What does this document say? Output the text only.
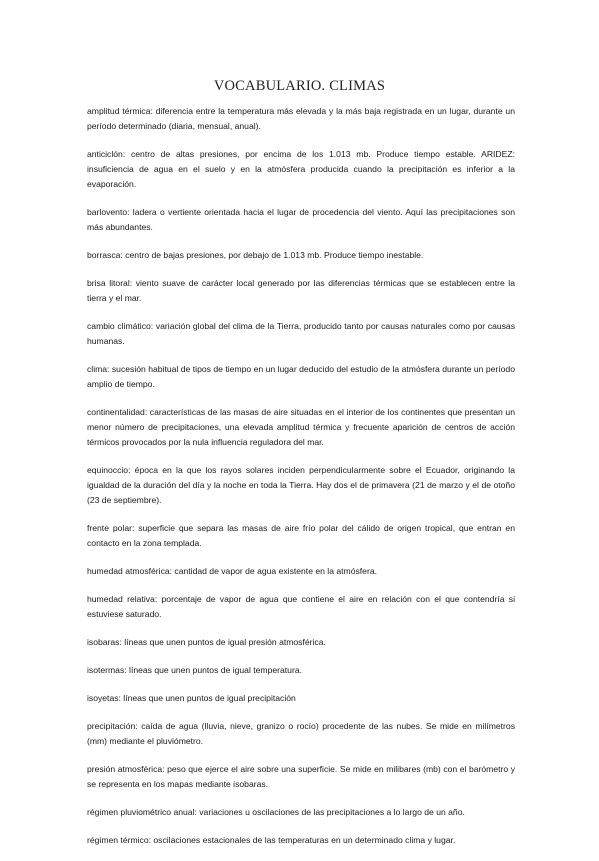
VOCABULARIO. CLIMAS

amplitud térmica: diferencia entre la temperatura más elevada y la más baja registrada en un lugar, durante un período determinado (diaria, mensual, anual).

anticiclón: centro de altas presiones, por encima de los 1.013 mb. Produce tiempo estable. ARIDEZ: insuficiencia de agua en el suelo y en la atmósfera producida cuando la precipitación es inferior a la evaporación.

barlovento: ladera o vertiente orientada hacia el lugar de procedencia del viento. Aquí las precipitaciones son más abundantes.

borrasca: centro de bajas presiones, por debajo de 1.013 mb. Produce tiempo inestable.

brisa litoral: viento suave de carácter local generado por las diferencias térmicas que se establecen entre la tierra y el mar.

cambio climático: variación global del clima de la Tierra, producido tanto por causas naturales como por causas humanas.

clima: sucesión habitual de tipos de tiempo en un lugar deducido del estudio de la atmósfera durante un período amplio de tiempo.

continentalidad: características de las masas de aire situadas en el interior de los continentes que presentan un menor número de precipitaciones, una elevada amplitud térmica y frecuente aparición de centros de acción térmicos provocados por la nula influencia reguladora del mar.

equinoccio: época en la que los rayos solares inciden perpendicularmente sobre el Ecuador, originando la igualdad de la duración del día y la noche en toda la Tierra. Hay dos el de primavera (21 de marzo y el de otoño (23 de septiembre).

frente polar: superficie que separa las masas de aire frío polar del cálido de origen tropical, que entran en contacto en la zona templada.

humedad atmosférica: cantidad de vapor de agua existente en la atmósfera.

humedad relativa: porcentaje de vapor de agua que contiene el aire en relación con el que contendría si estuviese saturado.

isobaras: líneas que unen puntos de igual presión atmosférica.

isotermas: líneas que unen puntos de igual temperatura.

isoyetas: líneas que unen puntos de igual precipitación

precipitación: caída de agua (lluvia, nieve, granizo o rocío) procedente de las nubes. Se mide en milímetros (mm) mediante el pluviómetro.

presión atmosférica: peso que ejerce el aire sobre una superficie. Se mide en milibares (mb) con el barómetro y se representa en los mapas mediante isobaras.

régimen pluviométrico anual: variaciones u oscilaciones de las precipitaciones a lo largo de un año.

régimen térmico: oscilaciones estacionales de las temperaturas en un determinado clima y lugar.
